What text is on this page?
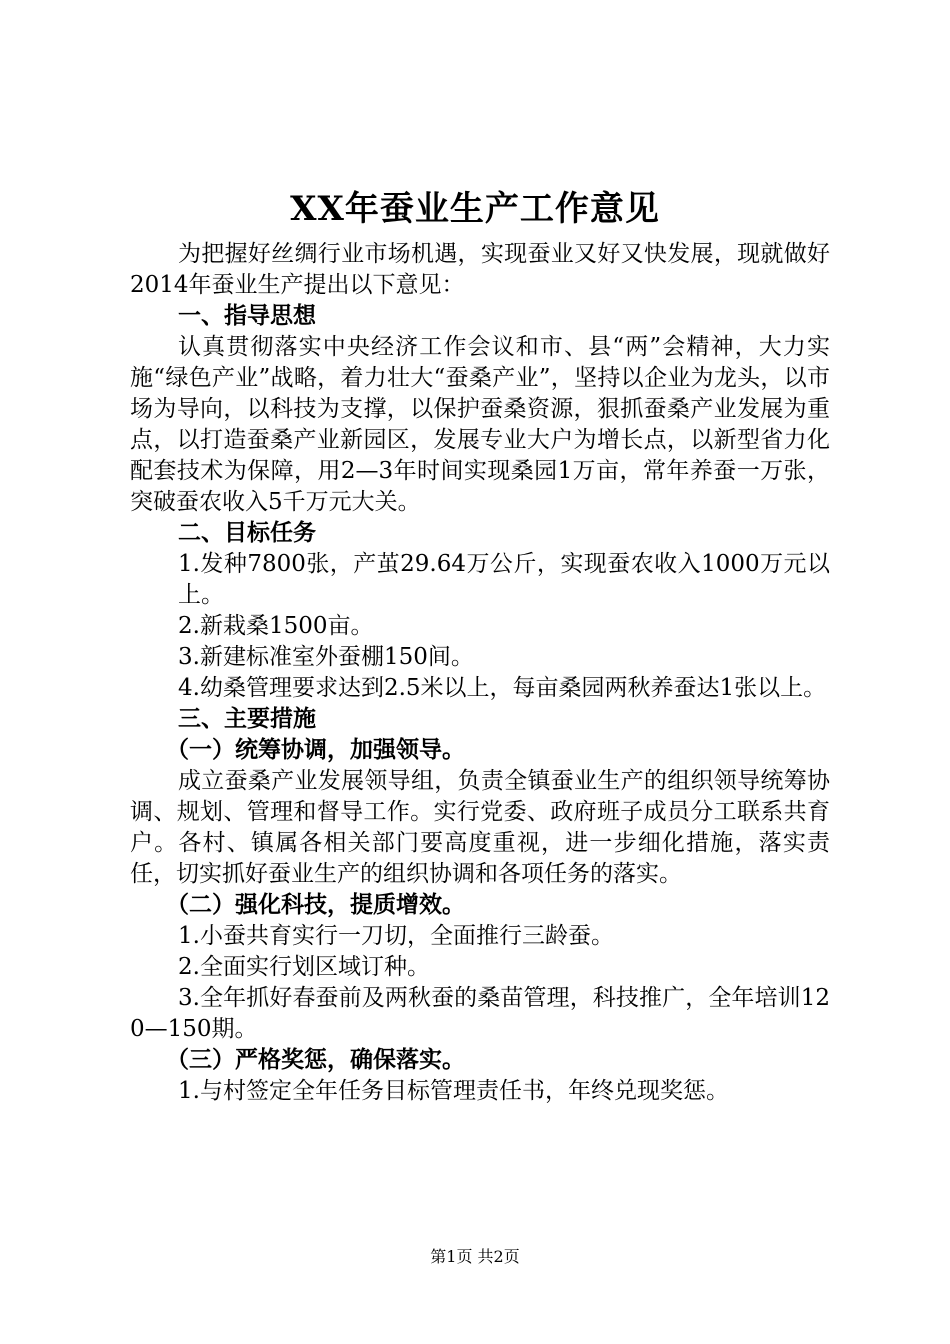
XX年蚕业生产工作意见

为把握好丝绸行业市场机遇，实现蚕业又好又快发展，现就做好2014年蚕业生产提出以下意见：

一、指导思想

认真贯彻落实中央经济工作会议和市、县“两”会精神，大力实施“绿色产业”战略，着力壮大“蚕桑产业”，坚持以企业为龙头，以市场为导向，以科技为支撑，以保护蚕桑资源，狠抓蚕桑产业发展为重点，以打造蚕桑产业新园区，发展专业大户为增长点，以新型省力化配套技术为保障，用2—3年时间实现桑园1万亩，常年养蚕一万张，突破蚕农收入5千万元大关。

二、目标任务

1.发种7800张，产茧29.64万公斤，实现蚕农收入1000万元以上。

2.新栽桑1500亩。

3.新建标准室外蚕棚150间。

4.幼桑管理要求达到2.5米以上，每亩桑园两秋养蚕达1张以上。

三、主要措施

（一）统筹协调，加强领导。

成立蚕桑产业发展领导组，负责全镇蚕业生产的组织领导统筹协调、规划、管理和督导工作。实行党委、政府班子成员分工联系共育户。各村、镇属各相关部门要高度重视，进一步细化措施，落实责任，切实抓好蚕业生产的组织协调和各项任务的落实。

（二）强化科技，提质增效。

1.小蚕共育实行一刀切，全面推行三龄蚕。

2.全面实行划区域订种。

3.全年抓好春蚕前及两秋蚕的桑苗管理，科技推广，全年培训120—150期。

（三）严格奖惩，确保落实。

1.与村签定全年任务目标管理责任书，年终兑现奖惩。

第1页 共2页
